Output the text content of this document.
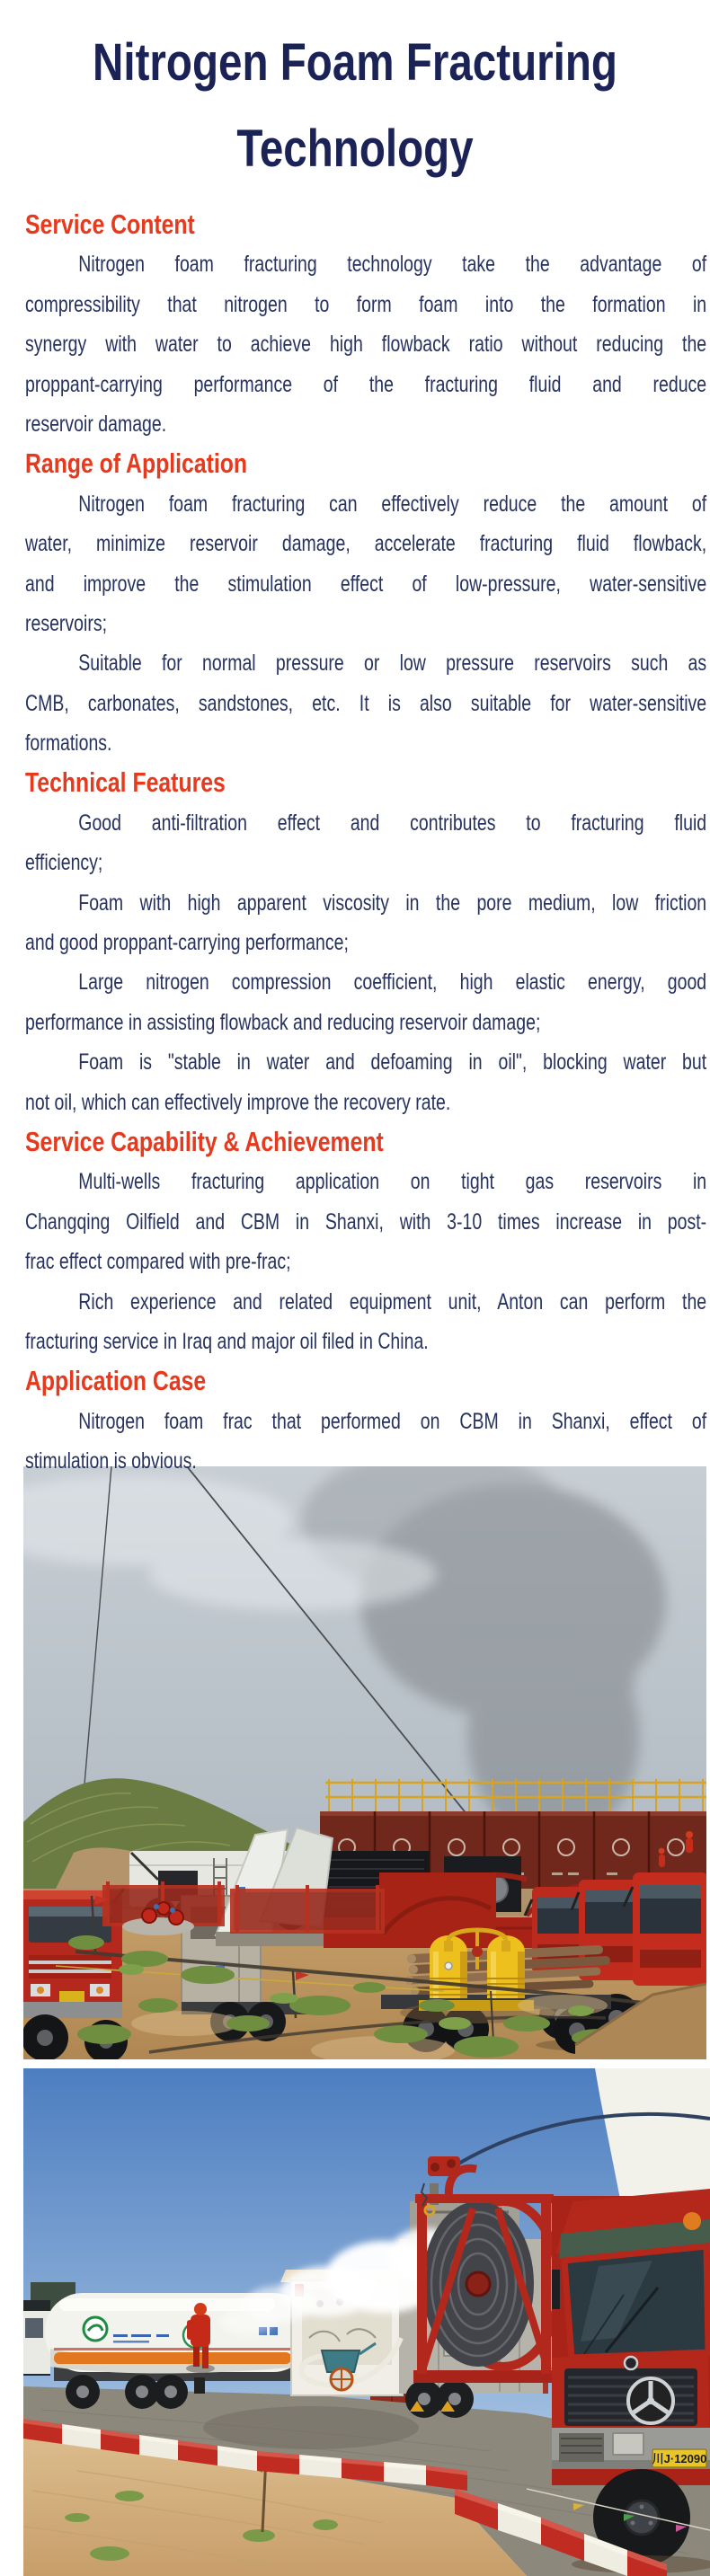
Nitrogen Foam Fracturing
Technology
Service Content
Nitrogen foam fracturing technology take the advantage of
compressibility that nitrogen to form foam into the formation in
synergy with water to achieve high flowback ratio without reducing the
proppant-carrying performance of the fracturing fluid and reduce
reservoir damage.
Range of Application
Nitrogen foam fracturing can effectively reduce the amount of
water, minimize reservoir damage, accelerate fracturing fluid flowback,
and improve the stimulation effect of low-pressure, water-sensitive
reservoirs;
Suitable for normal pressure or low pressure reservoirs such as
CMB, carbonates, sandstones, etc. It is also suitable for water-sensitive
formations.
Technical Features
Good anti-filtration effect and contributes to fracturing fluid
efficiency;
Foam with high apparent viscosity in the pore medium, low friction
and good proppant-carrying performance;
Large nitrogen compression coefficient, high elastic energy, good
performance in assisting flowback and reducing reservoir damage;
Foam is "stable in water and defoaming in oil", blocking water but
not oil, which can effectively improve the recovery rate.
Service Capability & Achievement
Multi-wells fracturing application on tight gas reservoirs in
Changqing Oilfield and CBM in Shanxi, with 3-10 times increase in post-
frac effect compared with pre-frac;
Rich experience and related equipment unit, Anton can perform the
fracturing service in Iraq and major oil filed in China.
Application Case
Nitrogen foam frac that performed on CBM in Shanxi, effect of
stimulation is obvious.
川J·12090
